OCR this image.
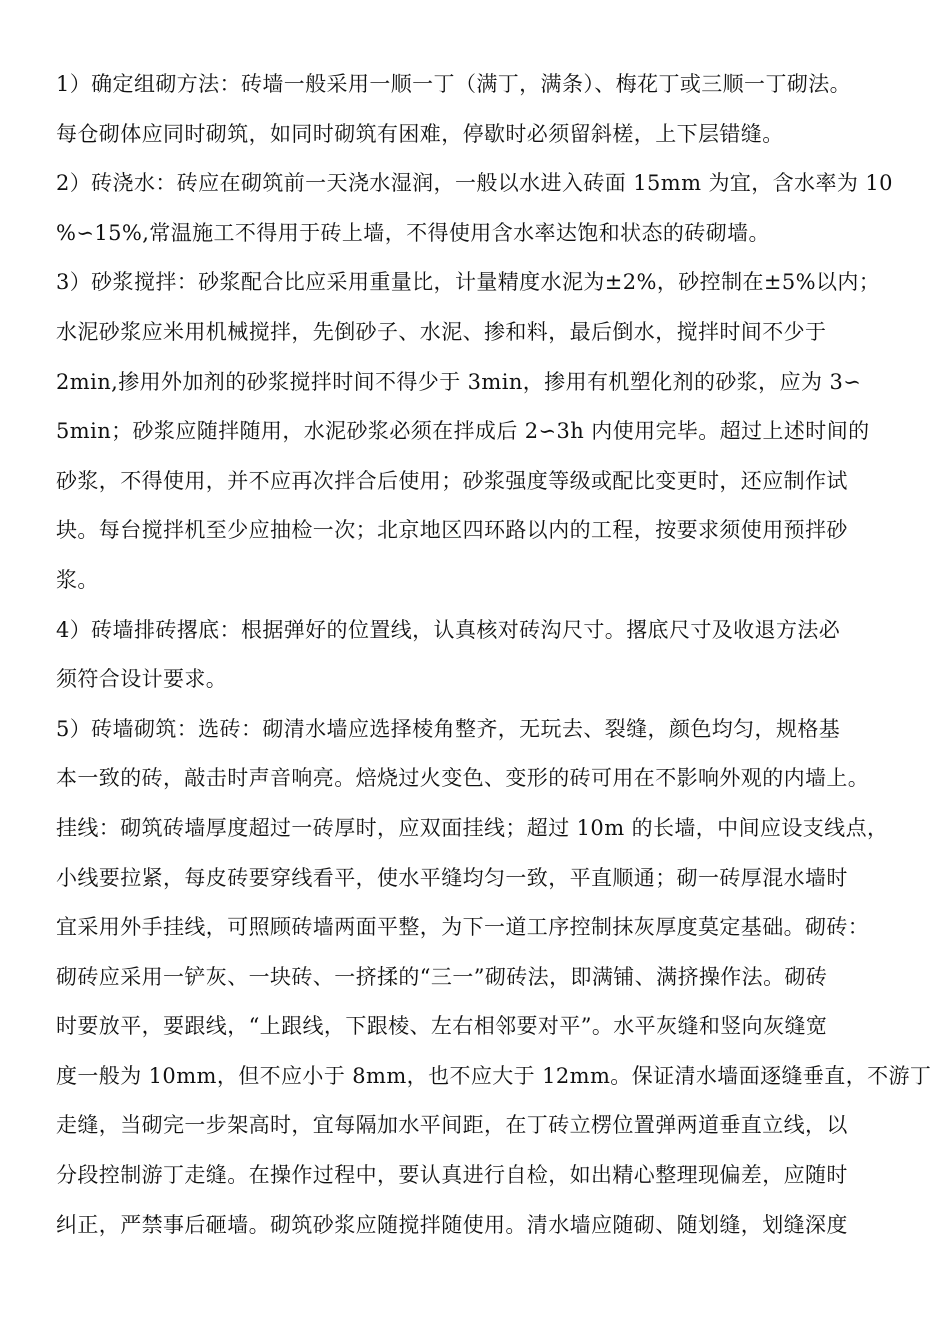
1）确定组砌方法：砖墙一般采用一顺一丁（满丁，满条）、梅花丁或三顺一丁砌法。
每仓砌体应同时砌筑，如同时砌筑有困难，停歇时必须留斜槎，上下层错缝。
2）砖浇水：砖应在砌筑前一天浇水湿润，一般以水进入砖面 15mm 为宜，含水率为 10
%∽15%,常温施工不得用于砖上墙，不得使用含水率达饱和状态的砖砌墙。
3）砂浆搅拌：砂浆配合比应采用重量比，计量精度水泥为±2%，砂控制在±5%以内；
水泥砂浆应米用机械搅拌，先倒砂子、水泥、掺和料，最后倒水，搅拌时间不少于
2min,掺用外加剂的砂浆搅拌时间不得少于 3min，掺用有机塑化剂的砂浆，应为 3∽
5min；砂浆应随拌随用，水泥砂浆必须在拌成后 2∽3h 内使用完毕。超过上述时间的
砂浆，不得使用，并不应再次拌合后使用；砂浆强度等级或配比变更时，还应制作试
块。每台搅拌机至少应抽检一次；北京地区四环路以内的工程，按要求须使用预拌砂
浆。
4）砖墙排砖撂底：根据弹好的位置线，认真核对砖沟尺寸。撂底尺寸及收退方法必
须符合设计要求。
5）砖墙砌筑：选砖：砌清水墙应选择棱角整齐，无玩去、裂缝，颜色均匀，规格基
本一致的砖，敲击时声音响亮。焙烧过火变色、变形的砖可用在不影响外观的内墙上。
挂线：砌筑砖墙厚度超过一砖厚时，应双面挂线；超过 10m 的长墙，中间应设支线点，
小线要拉紧，每皮砖要穿线看平，使水平缝均匀一致，平直顺通；砌一砖厚混水墙时
宜采用外手挂线，可照顾砖墙两面平整，为下一道工序控制抹灰厚度莫定基础。砌砖：
砌砖应采用一铲灰、一块砖、一挤揉的“三一”砌砖法，即满铺、满挤操作法。砌砖
时要放平，要跟线，“上跟线，下跟棱、左右相邻要对平”。水平灰缝和竖向灰缝宽
度一般为 10mm，但不应小于 8mm，也不应大于 12mm。保证清水墙面逐缝垂直，不游丁
走缝，当砌完一步架高时，宜每隔加水平间距，在丁砖立楞位置弹两道垂直立线，以
分段控制游丁走缝。在操作过程中，要认真进行自检，如出精心整理现偏差，应随时
纠正，严禁事后砸墙。砌筑砂浆应随搅拌随使用。清水墙应随砌、随划缝，划缝深度
